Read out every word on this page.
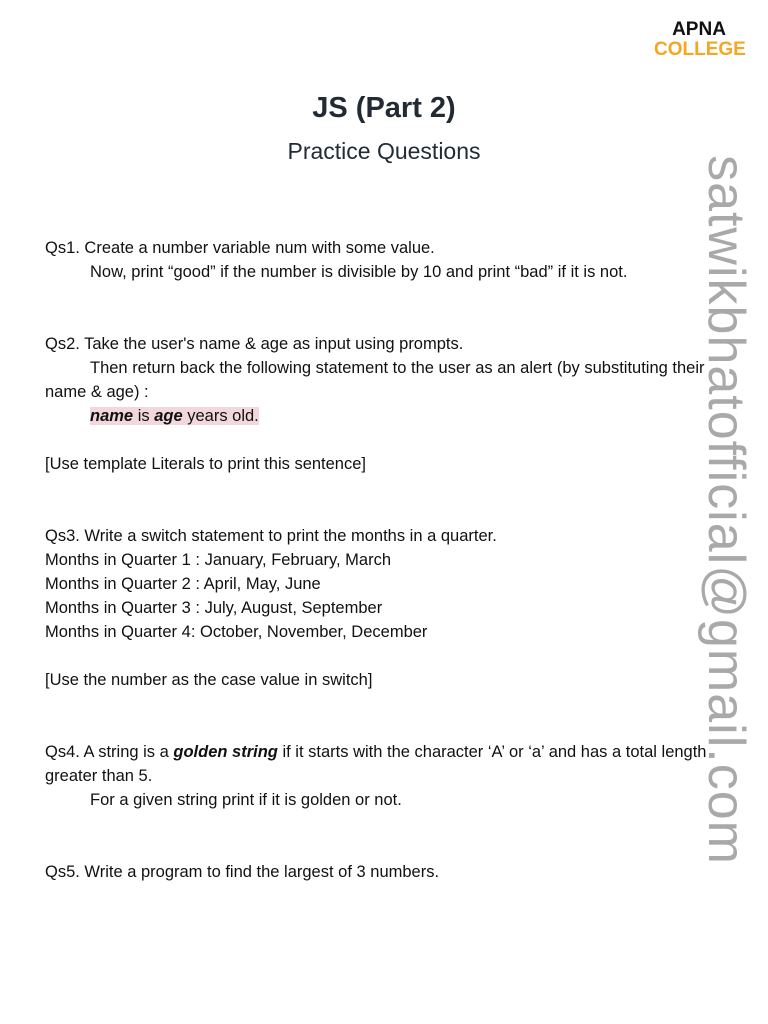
APNA
COLLEGE
JS (Part 2)
Practice Questions
satwikbhatofficial@gmail.com
Qs1. Create a number variable num with some value.
Now, print “good” if the number is divisible by 10 and print “bad” if it is not.
Qs2. Take the user's name & age as input using prompts.
Then return back the following statement to the user as an alert (by substituting their name & age) :
name is age years old.
[Use template Literals to print this sentence]
Qs3. Write a switch statement to print the months in a quarter.
Months in Quarter 1 : January, February, March
Months in Quarter 2 : April, May, June
Months in Quarter 3 : July, August, September
Months in Quarter 4: October, November, December
[Use the number as the case value in switch]
Qs4. A string is a golden string if it starts with the character ‘A’ or ‘a’ and has a total length greater than 5.
For a given string print if it is golden or not.
Qs5. Write a program to find the largest of 3 numbers.
